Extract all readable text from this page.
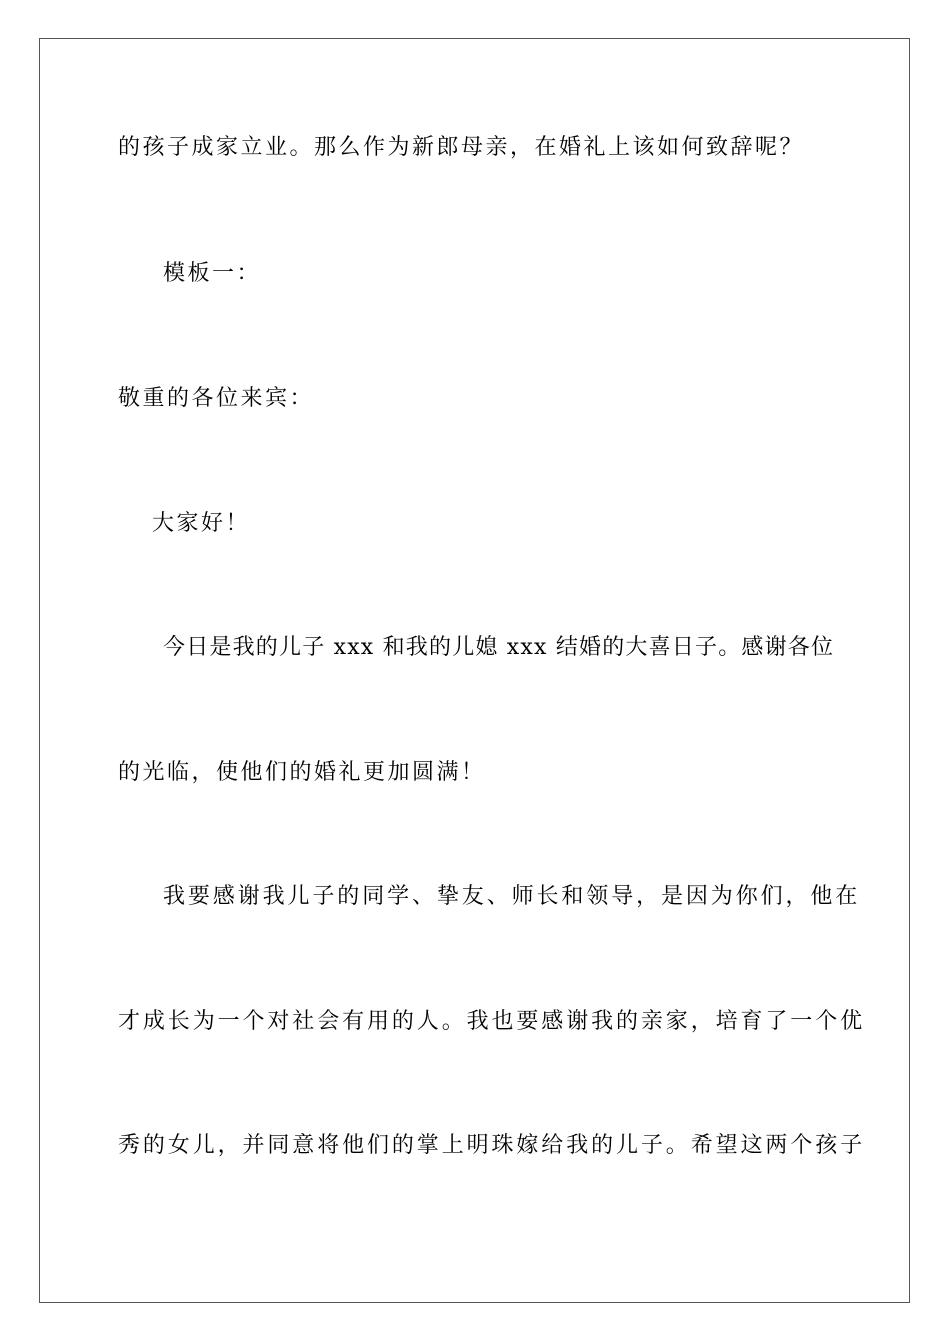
的孩子成家立业。那么作为新郎母亲，在婚礼上该如何致辞呢？
模板一：
敬重的各位来宾：
大家好！
今日是我的儿子 xxx 和我的儿媳 xxx 结婚的大喜日子。感谢各位
的光临，使他们的婚礼更加圆满！
我要感谢我儿子的同学、挚友、师长和领导，是因为你们，他在
才成长为一个对社会有用的人。我也要感谢我的亲家，培育了一个优
秀的女儿，并同意将他们的掌上明珠嫁给我的儿子。希望这两个孩子
